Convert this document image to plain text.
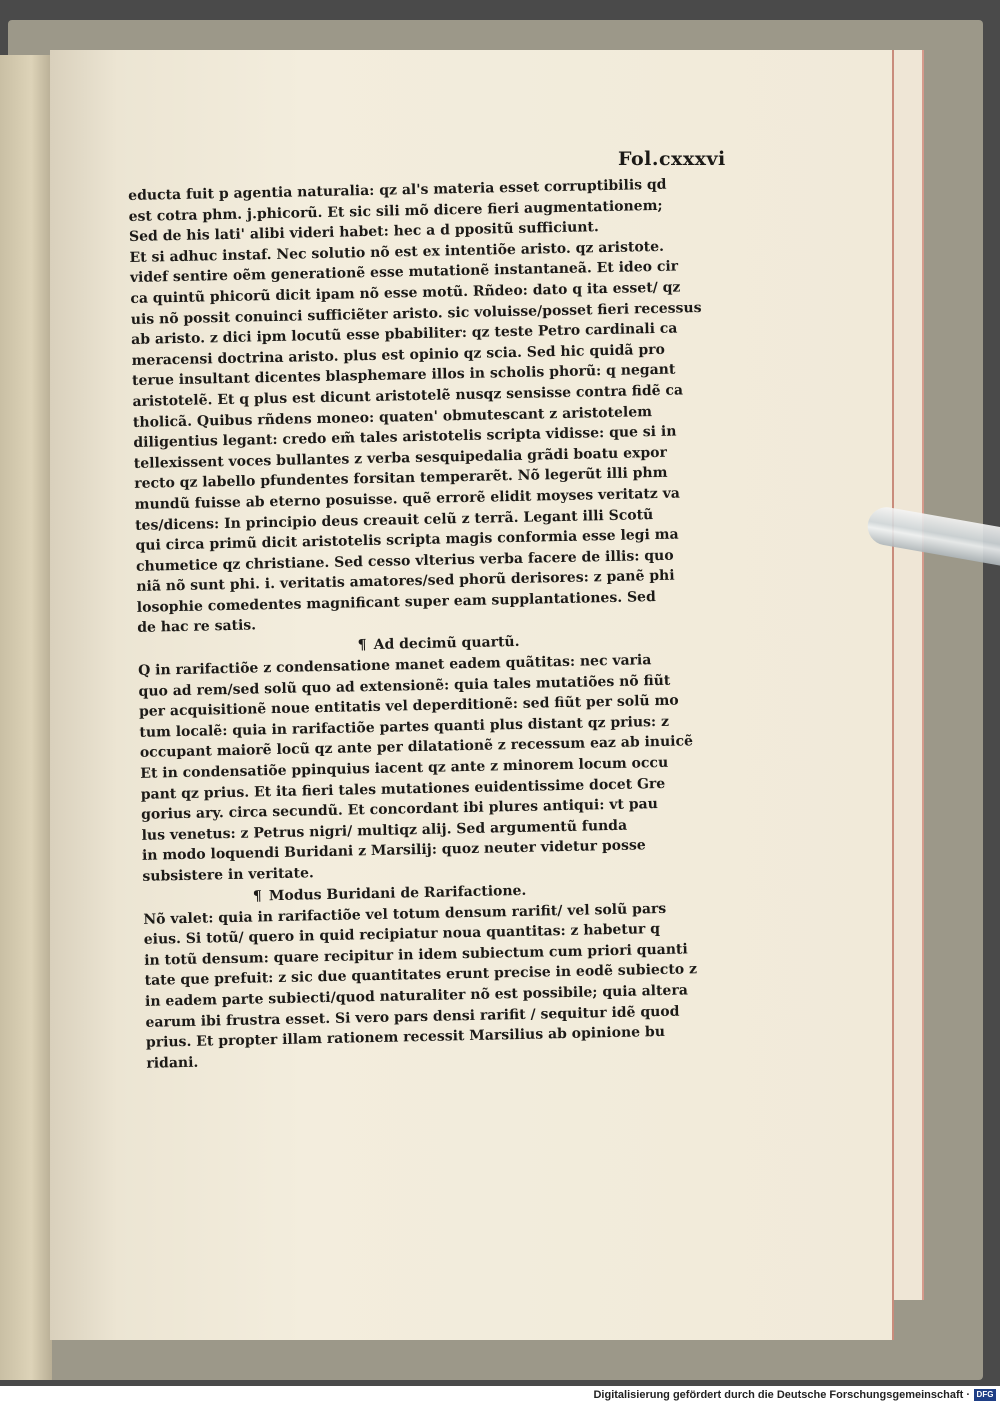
Fol.cxxxvi
educta fuit p agentia naturalia: qz al's materia esset corruptibilis qd
est cotra phm. j.phicorũ. Et sic sili mõ dicere fieri augmentationem;
Sed de his lati' alibi videri habet: hec a d ppositũ sufficiunt.
Et si adhuc instaf. Nec solutio nõ est ex intentiõe aristo. qz aristote.
videf sentire oẽm generationẽ esse mutationẽ instantaneã. Et ideo cir
ca quintũ phicorũ dicit ipam nõ esse motũ. Rñdeo: dato q ita esset/ qz
uis nõ possit conuinci sufficiẽter aristo. sic voluisse/posset fieri recessus
ab aristo. z dici ipm locutũ esse pbabiliter: qz teste Petro cardinali ca
meracensi doctrina aristo. plus est opinio qz scia. Sed hic quidã pro
terue insultant dicentes blasphemare illos in scholis phorũ: q negant
aristotelẽ. Et q plus est dicunt aristotelẽ nusqz sensisse contra fidẽ ca
tholicã. Quibus rñdens moneo: quaten' obmutescant z aristotelem
diligentius legant: credo em̃ tales aristotelis scripta vidisse: que si in
tellexissent voces bullantes z verba sesquipedalia grãdi boatu expor
recto qz labello pfundentes forsitan temperarẽt. Nõ legerũt illi phm
mundũ fuisse ab eterno posuisse. quẽ errorẽ elidit moyses veritatz va
tes/dicens: In principio deus creauit celũ z terrã. Legant illi Scotũ
qui circa primũ dicit aristotelis scripta magis conformia esse legi ma
chumetice qz christiane. Sed cesso vlterius verba facere de illis: quo
niã nõ sunt phi. i. veritatis amatores/sed phorũ derisores: z panẽ phi
losophie comedentes magnificant super eam supplantationes. Sed
de hac re satis.
¶ Ad decimũ quartũ.
Q in rarifactiõe z condensatione manet eadem quãtitas: nec varia
quo ad rem/sed solũ quo ad extensionẽ: quia tales mutatiões nõ fiũt
per acquisitionẽ noue entitatis vel deperditionẽ: sed fiũt per solũ mo
tum localẽ: quia in rarifactiõe partes quanti plus distant qz prius: z
occupant maiorẽ locũ qz ante per dilatationẽ z recessum eaz ab inuicẽ
Et in condensatiõe ppinquius iacent qz ante z minorem locum occu
pant qz prius. Et ita fieri tales mutationes euidentissime docet Gre
gorius ary. circa secundũ. Et concordant ibi plures antiqui: vt pau
lus venetus: z Petrus nigri/ multiqz alij. Sed argumentũ funda
in modo loquendi Buridani z Marsilij: quoz neuter videtur posse
subsistere in veritate.
¶ Modus Buridani de Rarifactione.
Nõ valet: quia in rarifactiõe vel totum densum rarifit/ vel solũ pars
eius. Si totũ/ quero in quid recipiatur noua quantitas: z habetur q
in totũ densum: quare recipitur in idem subiectum cum priori quanti
tate que prefuit: z sic due quantitates erunt precise in eodẽ subiecto z
in eadem parte subiecti/quod naturaliter nõ est possibile; quia altera
earum ibi frustra esset. Si vero pars densi rarifit / sequitur idẽ quod
prius. Et propter illam rationem recessit Marsilius ab opinione bu
ridani.
Digitalisierung gefördert durch die Deutsche Forschungsgemeinschaft · DFG
